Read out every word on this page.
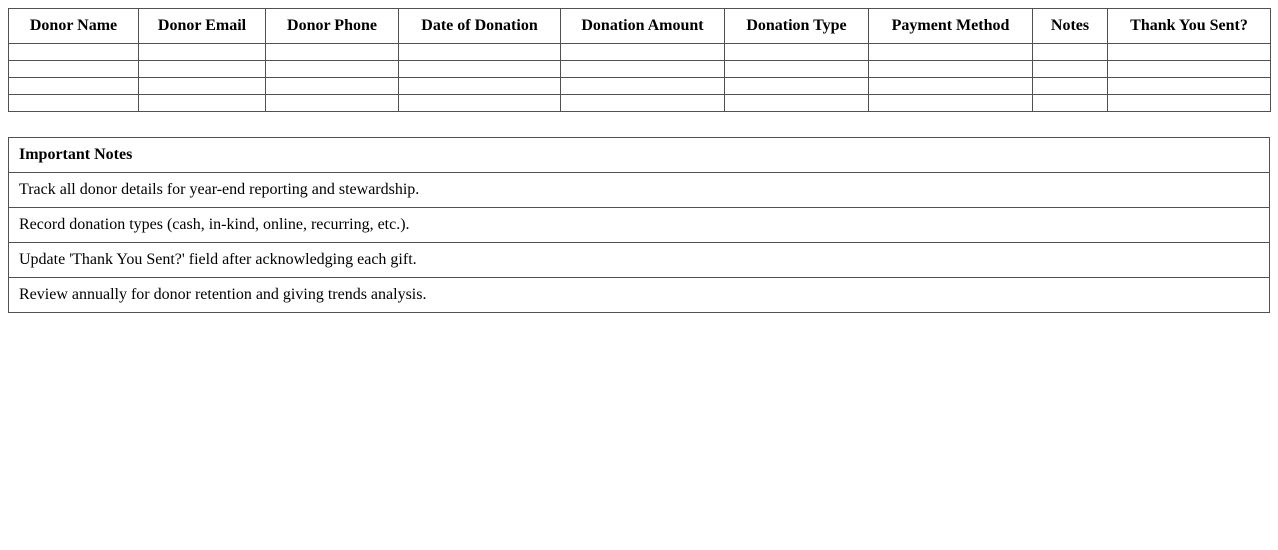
Donor Name	Donor Email	Donor Phone	Date of Donation	Donation Amount	Donation Type	Payment Method	Notes	Thank You Sent?

Important Notes
Track all donor details for year-end reporting and stewardship.
Record donation types (cash, in-kind, online, recurring, etc.).
Update 'Thank You Sent?' field after acknowledging each gift.
Review annually for donor retention and giving trends analysis.
